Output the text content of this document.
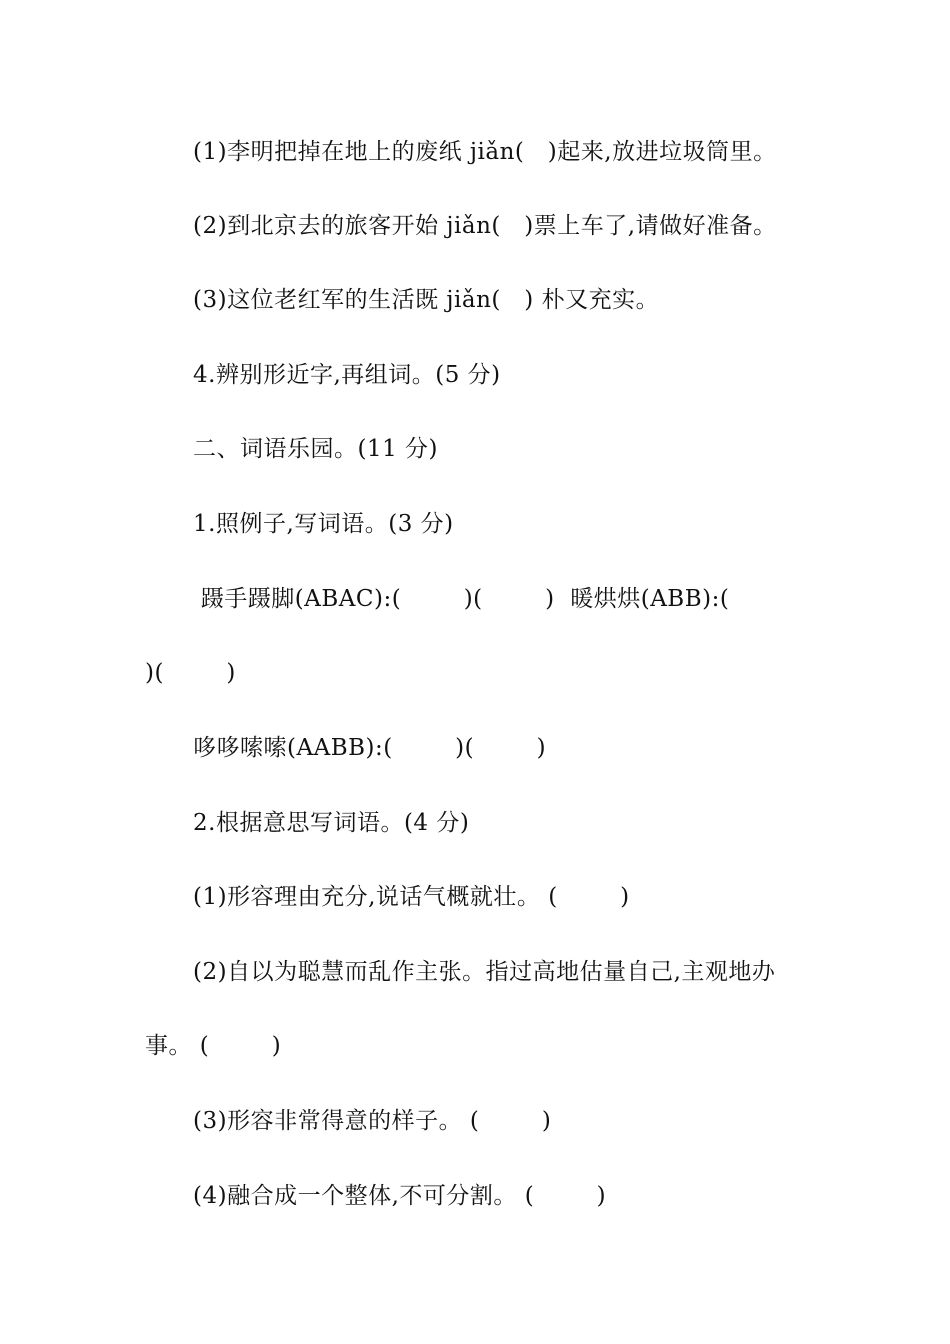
(1)李明把掉在地上的废纸 jiǎn(   )起来,放进垃圾筒里。
(2)到北京去的旅客开始 jiǎn(   )票上车了,请做好准备。
(3)这位老红军的生活既 jiǎn(   ) 朴又充实。
4.辨别形近字,再组词。(5 分)
二、词语乐园。(11 分)
1.照例子,写词语。(3 分)
蹑手蹑脚(ABAC):(        )(        )  暖烘烘(ABB):(
)(        )
哆哆嗦嗦(AABB):(        )(        )
2.根据意思写词语。(4 分)
(1)形容理由充分,说话气概就壮。 (        )
(2)自以为聪慧而乱作主张。指过高地估量自己,主观地办
事。 (        )
(3)形容非常得意的样子。 (        )
(4)融合成一个整体,不可分割。 (        )
